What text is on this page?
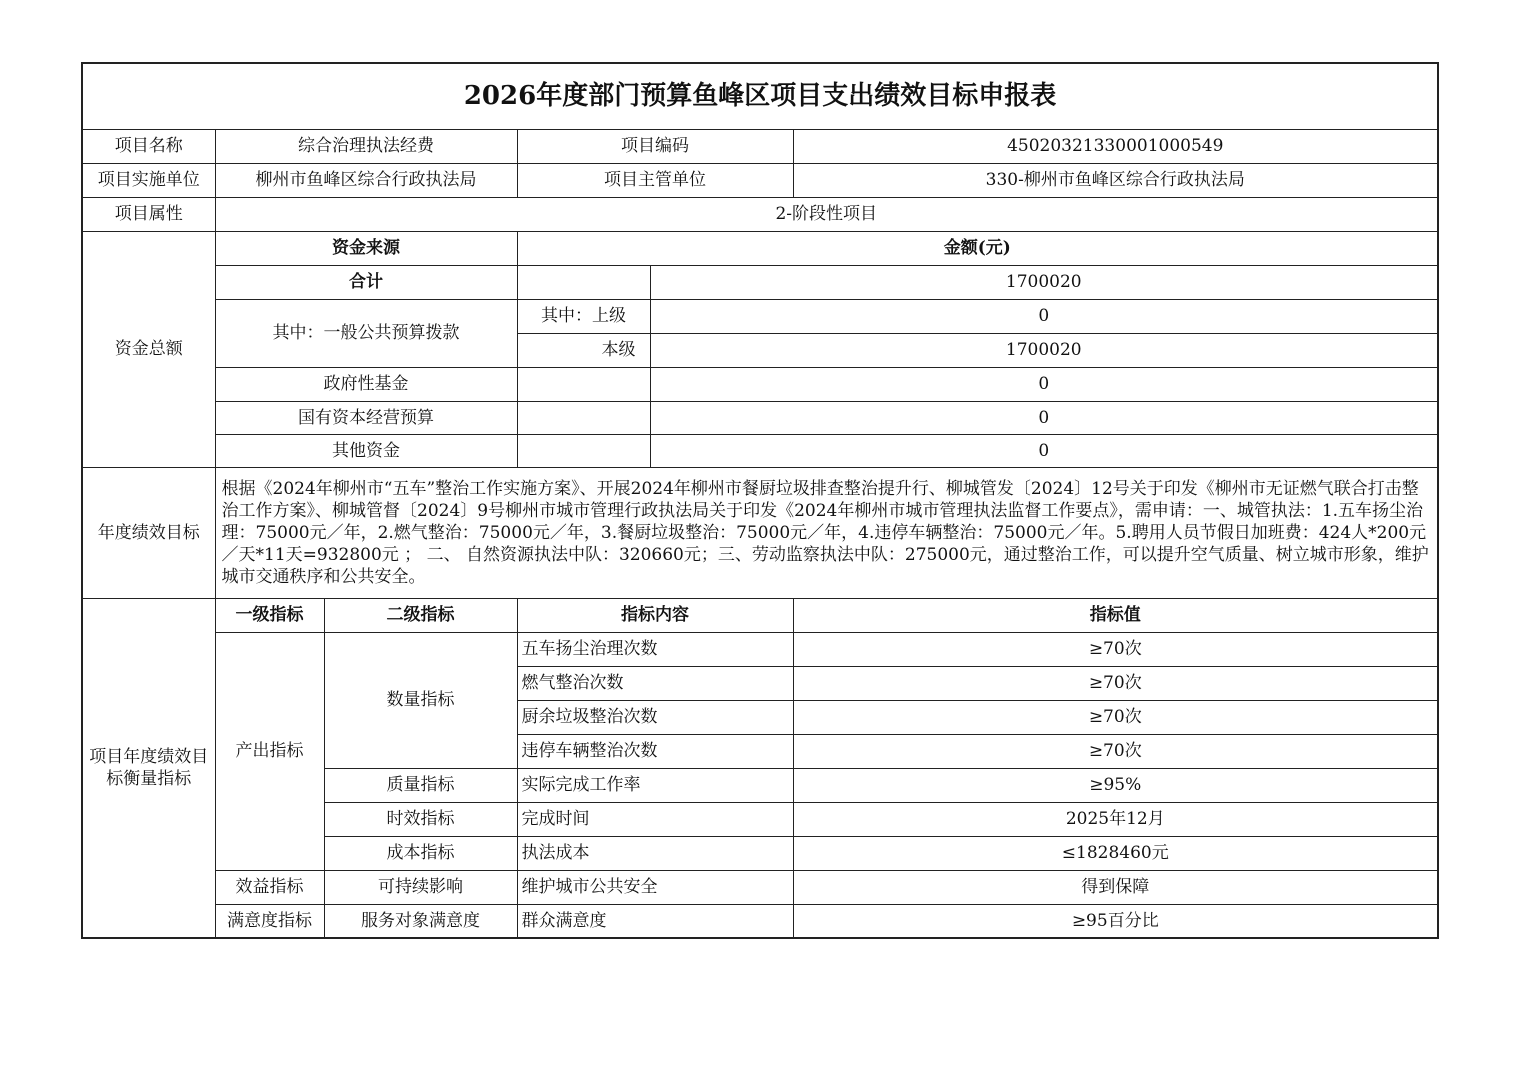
2026年度部门预算鱼峰区项目支出绩效目标申报表					
项目名称	综合治理执法经费		项目编码		45020321330001000549
项目实施单位	柳州市鱼峰区综合行政执法局		项目主管单位		330-柳州市鱼峰区综合行政执法局
项目属性	2-阶段性项目				
资金总额	资金来源		金额(元)		
	合计			1700020	
	其中：一般公共预算拨款		其中：上级	0	
			本级	1700020	
	政府性基金			0	
	国有资本经营预算			0	
	其他资金			0	
年度绩效目标	根据《2024年柳州市“五车”整治工作实施方案》、开展2024年柳州市餐厨垃圾排查整治提升行、柳城管发〔2024〕12号关于印发《柳州市无证燃气联合打击整治工作方案》、柳城管督〔2024〕9号柳州市城市管理行政执法局关于印发《2024年柳州市城市管理执法监督工作要点》，需申请：一、城管执法：1.五车扬尘治理：75000元／年，2.燃气整治：75000元／年，3.餐厨垃圾整治：75000元／年，4.违停车辆整治：75000元／年。5.聘用人员节假日加班费：424人*200元／天*11天=932800元 ； 二、 自然资源执法中队：320660元；三、劳动监察执法中队：275000元，通过整治工作，可以提升空气质量、树立城市形象，维护城市交通秩序和公共安全。				
项目年度绩效目标衡量指标	一级指标	二级指标	指标内容		指标值
	产出指标	数量指标	五车扬尘治理次数		≥70次
			燃气整治次数		≥70次
			厨余垃圾整治次数		≥70次
			违停车辆整治次数		≥70次
		质量指标	实际完成工作率		≥95%
		时效指标	完成时间		2025年12月
		成本指标	执法成本		≤1828460元
	效益指标	可持续影响	维护城市公共安全		得到保障
	满意度指标	服务对象满意度	群众满意度		≥95百分比
